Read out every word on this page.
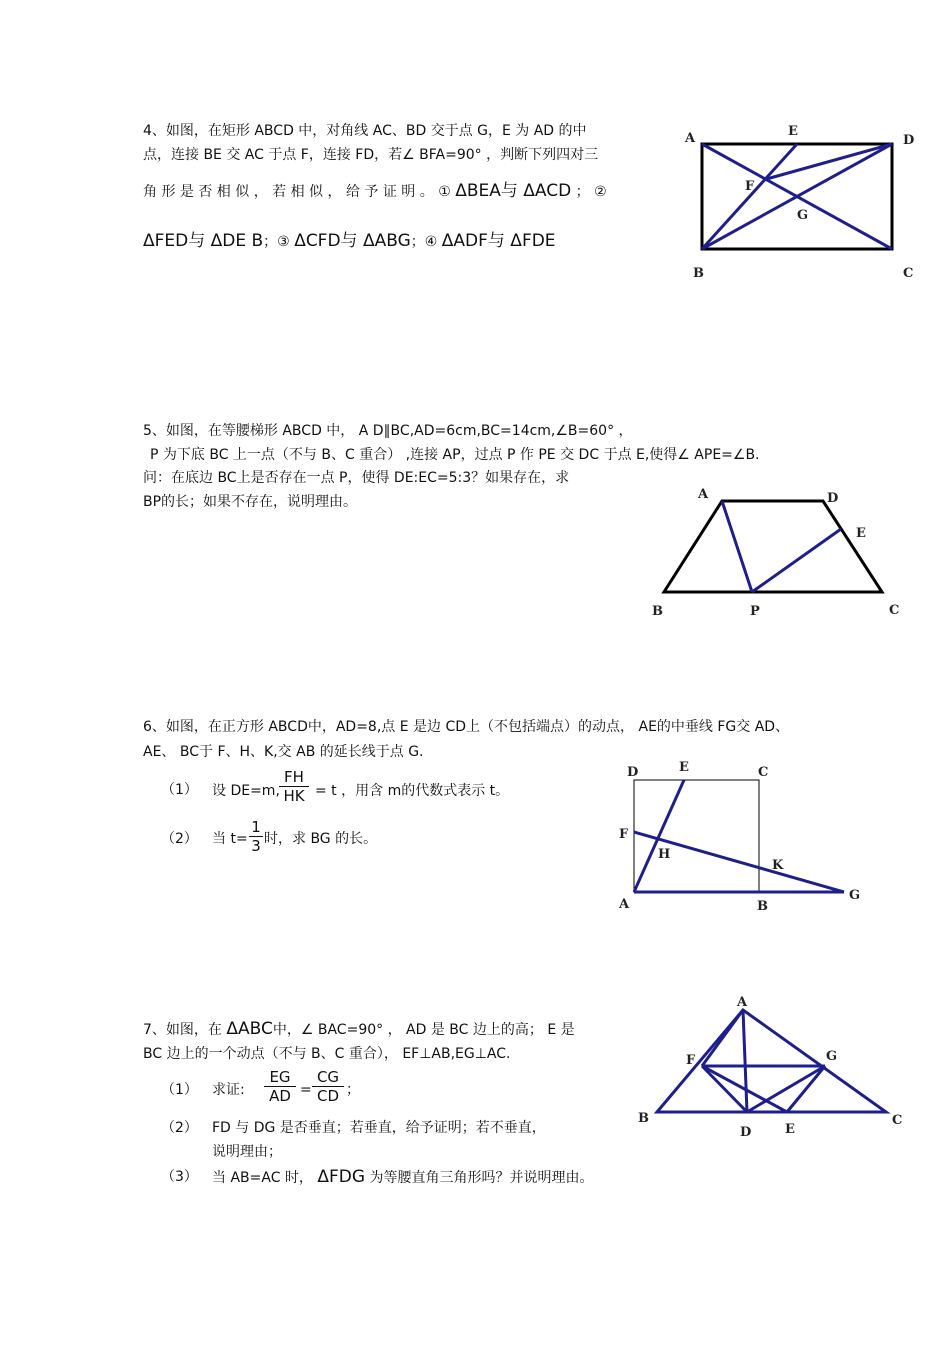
4、如图，在矩形 ABCD 中，对角线 AC、BD 交于点 G，E 为 AD 的中
点，连接 BE 交 AC 于点 F，连接 FD，若∠ BFA=90° ，判断下列四对三
角 形 是 否 相 似 ， 若 相 似 ， 给 予 证 明 。 ① ΔBEA与 ΔACD ； ②
ΔFED与 ΔDE B；③ ΔCFD与 ΔABG；④ ΔADF与 ΔFDE
A	E
D
F
G
B	C
5、如图，在等腰梯形 ABCD 中， A D∥BC,AD=6cm,BC=14cm,∠B=60° ，
P 为下底 BC 上一点（不与 B、C 重合） ,连接 AP，过点 P 作 PE 交 DC 于点 E,使得∠ APE=∠B.
问：在底边 BC上是否存在一点 P，使得 DE:EC=5:3？如果存在，求
BP的长；如果不存在，说明理由。	A	D
E
B	P	C
6、如图，在正方形 ABCD中，AD=8,点 E 是边 CD上（不包括端点）的动点， AE的中垂线 FG交 AD、
AE、 BC于 F、H、K,交 AB 的延长线于点 G.
（1） 设 DE=m, $\frac{FH}{HK} = t$ ，用含 m的代数式表示 t。
（2） 当 $t= \frac{1}{3}$ 时，求 BG 的长。
D	E	C
F
H
K
A	B
G
7、如图，在 ΔABC中，∠ BAC=90° ， AD 是 BC 边上的高； E 是
BC 边上的一个动点（不与 B、C 重合）， EF⊥AB,EG⊥AC.
（1） 求证: $\frac{EG}{AD} = \frac{CG}{CD}$ ；
（2） FD 与 DG 是否垂直；若垂直，给予证明；若不垂直，
说明理由；
（3） 当 AB=AC 时， ΔFDG 为等腰直角三角形吗？并说明理由。
A
F	G
B
D	E
C
